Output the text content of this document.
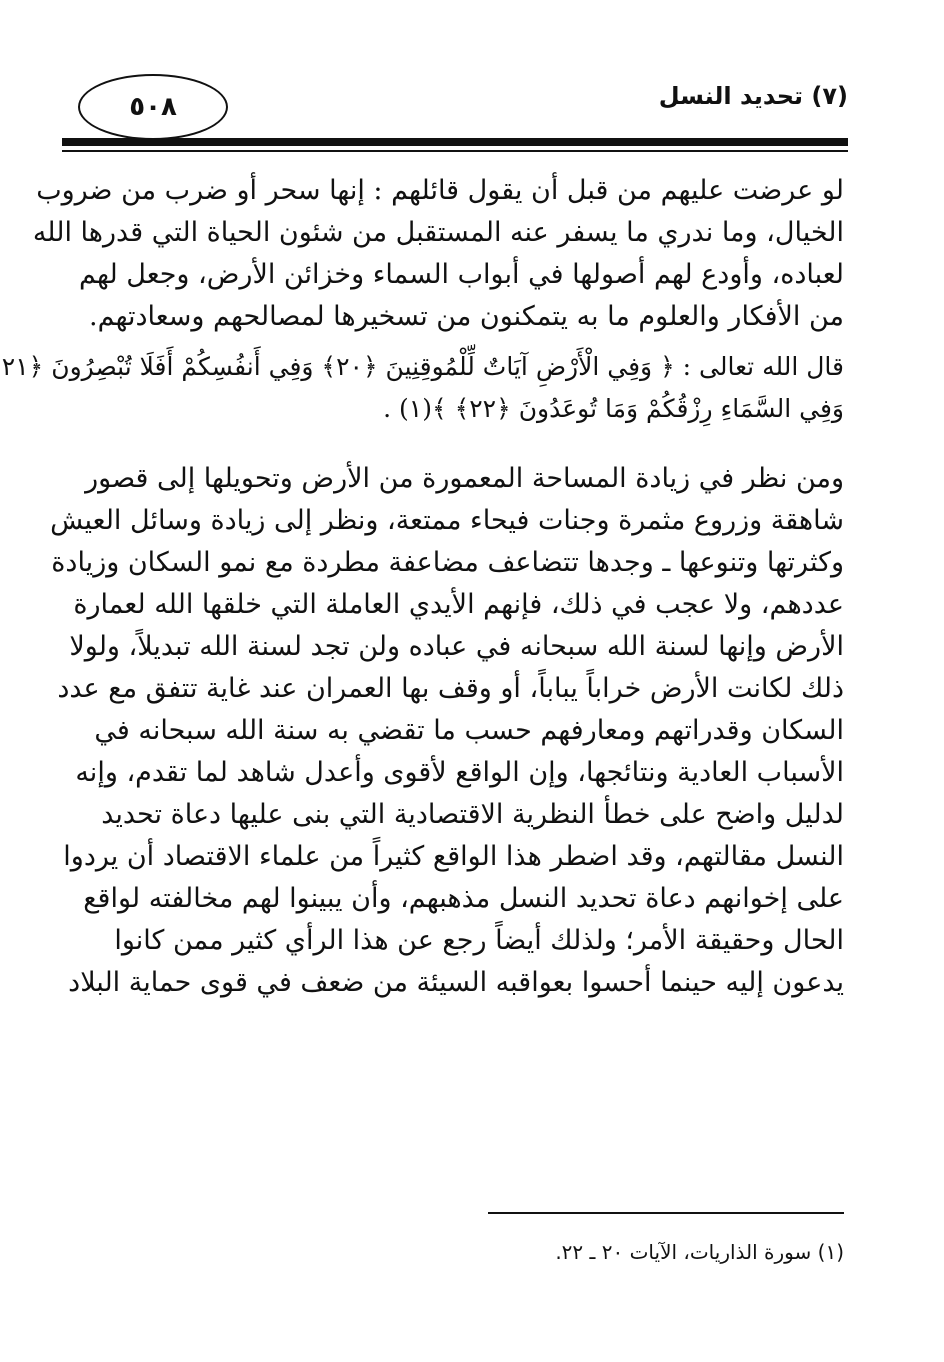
(٧) تحديد النسل
٥٠٨
لو عرضت عليهم من قبل أن يقول قائلهم : إنها سحر أو ضرب من ضروب
الخيال، وما ندري ما يسفر عنه المستقبل من شئون الحياة التي قدرها الله
لعباده، وأودع لهم أصولها في أبواب السماء وخزائن الأرض، وجعل لهم
من الأفكار والعلوم ما به يتمكنون من تسخيرها لمصالحهم وسعادتهم.
قال الله تعالى : ﴿ وَفِي الْأَرْضِ آيَاتٌ لِّلْمُوقِنِينَ ﴿٢٠﴾ وَفِي أَنفُسِكُمْ أَفَلَا تُبْصِرُونَ ﴿٢١
وَفِي السَّمَاءِ رِزْقُكُمْ وَمَا تُوعَدُونَ ﴿٢٢﴾ ﴾(١) .
ومن نظر في زيادة المساحة المعمورة من الأرض وتحويلها إلى قصور
شاهقة وزروع مثمرة وجنات فيحاء ممتعة، ونظر إلى زيادة وسائل العيش
وكثرتها وتنوعها ـ وجدها تتضاعف مضاعفة مطردة مع نمو السكان وزيادة
عددهم، ولا عجب في ذلك، فإنهم الأيدي العاملة التي خلقها الله لعمارة
الأرض وإنها لسنة الله سبحانه في عباده ولن تجد لسنة الله تبديلاً، ولولا
ذلك لكانت الأرض خراباً يباباً، أو وقف بها العمران عند غاية تتفق مع عدد
السكان وقدراتهم ومعارفهم حسب ما تقضي به سنة الله سبحانه في
الأسباب العادية ونتائجها، وإن الواقع لأقوى وأعدل شاهد لما تقدم، وإنه
لدليل واضح على خطأ النظرية الاقتصادية التي بنى عليها دعاة تحديد
النسل مقالتهم، وقد اضطر هذا الواقع كثيراً من علماء الاقتصاد أن يردوا
على إخوانهم دعاة تحديد النسل مذهبهم، وأن يبينوا لهم مخالفته لواقع
الحال وحقيقة الأمر؛ ولذلك أيضاً رجع عن هذا الرأي كثير ممن كانوا
يدعون إليه حينما أحسوا بعواقبه السيئة من ضعف في قوى حماية البلاد
(١) سورة الذاريات، الآيات ٢٠ ـ ٢٢.
